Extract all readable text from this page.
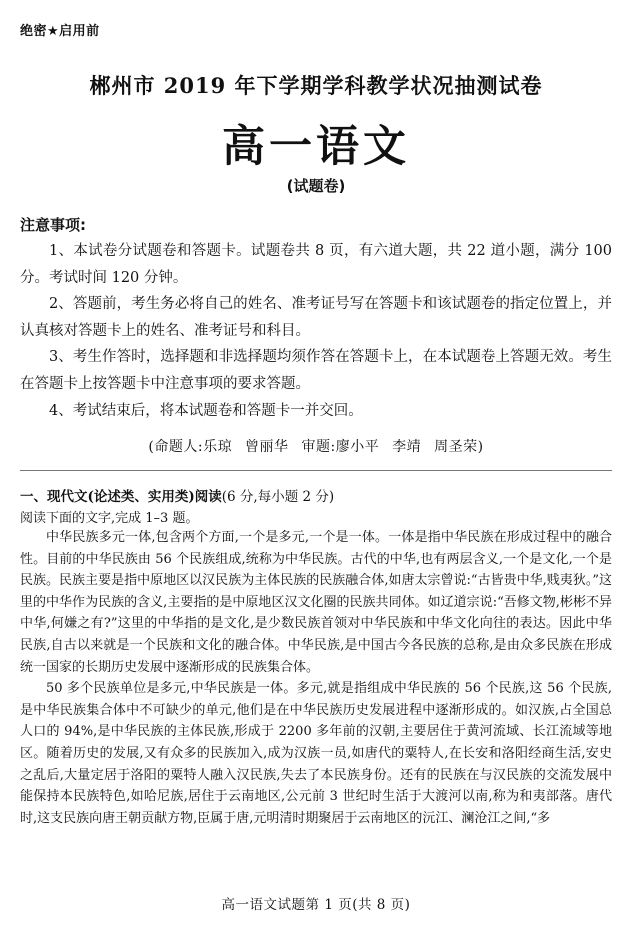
绝密★启用前
郴州市 2019 年下学期学科教学状况抽测试卷
高一语文
(试题卷)
注意事项:

1、本试卷分试题卷和答题卡。试题卷共 8 页，有六道大题，共 22 道小题，满分 100 分。考试时间 120 分钟。

2、答题前，考生务必将自己的姓名、准考证号写在答题卡和该试题卷的指定位置上，并认真核对答题卡上的姓名、准考证号和科目。

3、考生作答时，选择题和非选择题均须作答在答题卡上，在本试题卷上答题无效。考生在答题卡上按答题卡中注意事项的要求答题。

4、考试结束后，将本试题卷和答题卡一并交回。

(命题人:乐琼 曾丽华 审题:廖小平 李靖 周圣荣)
一、现代文(论述类、实用类)阅读(6 分,每小题 2 分)
阅读下面的文字,完成 1–3 题。

中华民族多元一体,包含两个方面,一个是多元,一个是一体。一体是指中华民族在形成过程中的融合性。目前的中华民族由 56 个民族组成,统称为中华民族。古代的中华,也有两层含义,一个是文化,一个是民族。民族主要是指中原地区以汉民族为主体民族的民族融合体,如唐太宗曾说:“古皆贵中华,贱夷狄。”这里的中华作为民族的含义,主要指的是中原地区汉文化圈的民族共同体。如辽道宗说:“吾修文物,彬彬不异中华,何嫌之有?”这里的中华指的是文化,是少数民族首领对中华民族和中华文化向往的表达。因此中华民族,自古以来就是一个民族和文化的融合体。中华民族,是中国古今各民族的总称,是由众多民族在形成统一国家的长期历史发展中逐渐形成的民族集合体。

50 多个民族单位是多元,中华民族是一体。多元,就是指组成中华民族的 56 个民族,这 56 个民族,是中华民族集合体中不可缺少的单元,他们是在中华民族历史发展进程中逐渐形成的。如汉族,占全国总人口的 94%,是中华民族的主体民族,形成于 2200 多年前的汉朝,主要居住于黄河流域、长江流域等地区。随着历史的发展,又有众多的民族加入,成为汉族一员,如唐代的粟特人,在长安和洛阳经商生活,安史之乱后,大量定居于洛阳的粟特人融入汉民族,失去了本民族身份。还有的民族在与汉民族的交流发展中能保持本民族特色,如哈尼族,居住于云南地区,公元前 3 世纪时生活于大渡河以南,称为和夷部落。唐代时,这支民族向唐王朝贡献方物,臣属于唐,元明清时期聚居于云南地区的沅江、澜沧江之间,“多

高一语文试题第 1 页(共 8 页)
